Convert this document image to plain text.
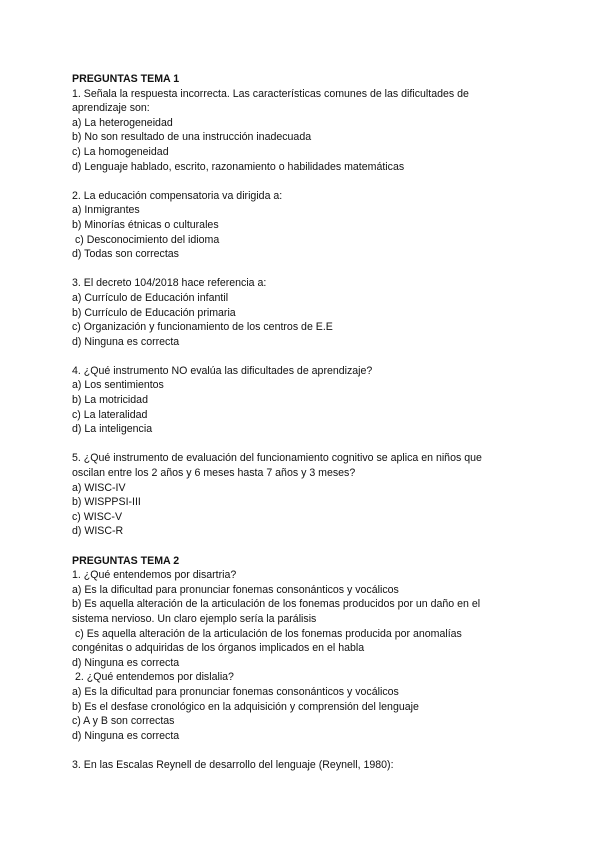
PREGUNTAS TEMA 1

1. Señala la respuesta incorrecta. Las características comunes de las dificultades de

aprendizaje son:

a) La heterogeneidad

b) No son resultado de una instrucción inadecuada

c) La homogeneidad

d) Lenguaje hablado, escrito, razonamiento o habilidades matemáticas

2. La educación compensatoria va dirigida a:

a) Inmigrantes

b) Minorías étnicas o culturales

c) Desconocimiento del idioma

d) Todas son correctas

3. El decreto 104/2018 hace referencia a:

a) Currículo de Educación infantil

b) Currículo de Educación primaria

c) Organización y funcionamiento de los centros de E.E

d) Ninguna es correcta

4. ¿Qué instrumento NO evalúa las dificultades de aprendizaje?

a) Los sentimientos

b) La motricidad

c) La lateralidad

d) La inteligencia

5. ¿Qué instrumento de evaluación del funcionamiento cognitivo se aplica en niños que

oscilan entre los 2 años y 6 meses hasta 7 años y 3 meses?

a) WISC-IV

b) WISPPSI-III

c) WISC-V

d) WISC-R

PREGUNTAS TEMA 2

1. ¿Qué entendemos por disartria?

a) Es la dificultad para pronunciar fonemas consonánticos y vocálicos

b) Es aquella alteración de la articulación de los fonemas producidos por un daño en el

sistema nervioso. Un claro ejemplo sería la parálisis

c) Es aquella alteración de la articulación de los fonemas producida por anomalías

congénitas o adquiridas de los órganos implicados en el habla

d) Ninguna es correcta

2. ¿Qué entendemos por dislalia?

a) Es la dificultad para pronunciar fonemas consonánticos y vocálicos

b) Es el desfase cronológico en la adquisición y comprensión del lenguaje

c) A y B son correctas

d) Ninguna es correcta

3. En las Escalas Reynell de desarrollo del lenguaje (Reynell, 1980):
